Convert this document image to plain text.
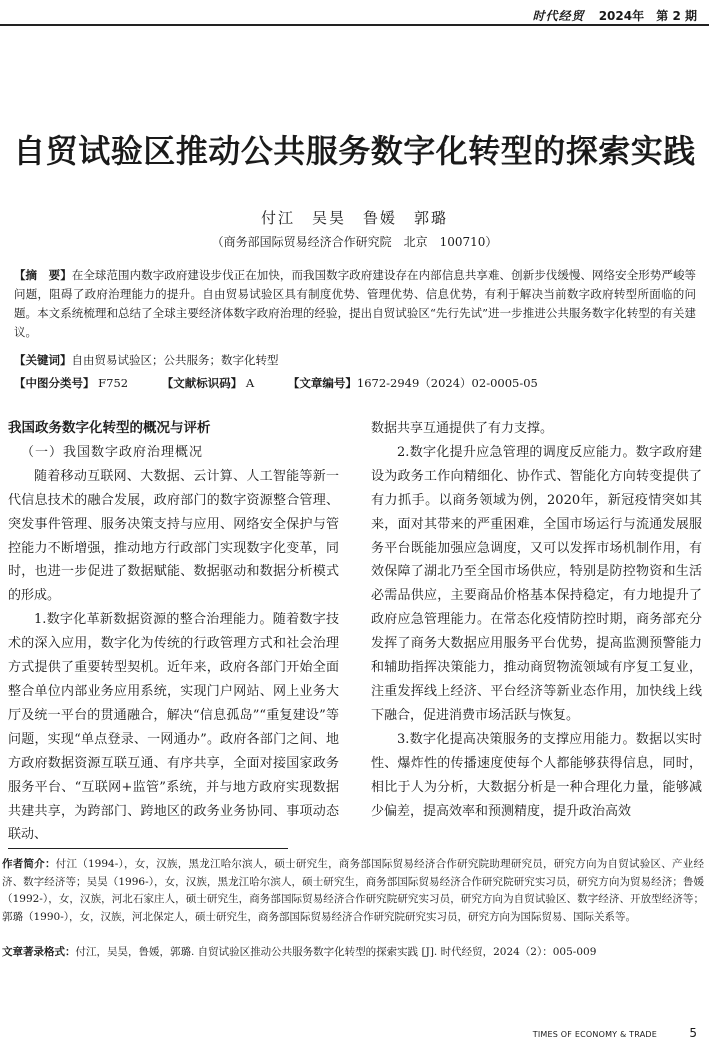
时代经贸 2024年 第 2 期
自贸试验区推动公共服务数字化转型的探索实践
付江　吴昊　鲁媛　郭璐
（商务部国际贸易经济合作研究院　北京　100710）
【摘　要】在全球范围内数字政府建设步伐正在加快，而我国数字政府建设存在内部信息共享难、创新步伐缓慢、网络安全形势严峻等问题，阻碍了政府治理能力的提升。自由贸易试验区具有制度优势、管理优势、信息优势，有利于解决当前数字政府转型所面临的问题。本文系统梳理和总结了全球主要经济体数字政府治理的经验，提出自贸试验区“先行先试”进一步推进公共服务数字化转型的有关建议。
【关键词】自由贸易试验区；公共服务；数字化转型
【中图分类号】 F752	【文献标识码】 A	【文章编号】1672-2949（2024）02-0005-05
我国政务数字化转型的概况与评析
（一）我国数字政府治理概况

随着移动互联网、大数据、云计算、人工智能等新一代信息技术的融合发展，政府部门的数字资源整合管理、突发事件管理、服务决策支持与应用、网络安全保护与管控能力不断增强，推动地方行政部门实现数字化变革，同时，也进一步促进了数据赋能、数据驱动和数据分析模式的形成。

1.数字化革新数据资源的整合治理能力。随着数字技术的深入应用，数字化为传统的行政管理方式和社会治理方式提供了重要转型契机。近年来，政府各部门开始全面整合单位内部业务应用系统，实现门户网站、网上业务大厅及统一平台的贯通融合，解决“信息孤岛”“重复建设”等问题，实现“单点登录、一网通办”。政府各部门之间、地方政府数据资源互联互通、有序共享，全面对接国家政务服务平台、“互联网+监管”系统，并与地方政府实现数据共建共享，为跨部门、跨地区的政务业务协同、事项动态联动、

数据共享互通提供了有力支撑。

2.数字化提升应急管理的调度反应能力。数字政府建设为政务工作向精细化、协作式、智能化方向转变提供了有力抓手。以商务领域为例，2020年，新冠疫情突如其来，面对其带来的严重困难，全国市场运行与流通发展服务平台既能加强应急调度，又可以发挥市场机制作用，有效保障了湖北乃至全国市场供应，特别是防控物资和生活必需品供应，主要商品价格基本保持稳定，有力地提升了政府应急管理能力。在常态化疫情防控时期，商务部充分发挥了商务大数据应用服务平台优势，提高监测预警能力和辅助指挥决策能力，推动商贸物流领域有序复工复业，注重发挥线上经济、平台经济等新业态作用，加快线上线下融合，促进消费市场活跃与恢复。

3.数字化提高决策服务的支撑应用能力。数据以实时性、爆炸性的传播速度使每个人都能够获得信息，同时，相比于人为分析，大数据分析是一种合理化力量，能够减少偏差，提高效率和预测精度，提升政治高效

作者简介：付江（1994-），女，汉族，黑龙江哈尔滨人，硕士研究生，商务部国际贸易经济合作研究院助理研究员，研究方向为自贸试验区、产业经济、数字经济等；吴昊（1996-），女，汉族，黑龙江哈尔滨人，硕士研究生，商务部国际贸易经济合作研究院研究实习员，研究方向为贸易经济；鲁媛（1992-），女，汉族，河北石家庄人，硕士研究生，商务部国际贸易经济合作研究院研究实习员，研究方向为自贸试验区、数字经济、开放型经济等；郭璐（1990-），女，汉族，河北保定人，硕士研究生，商务部国际贸易经济合作研究院研究实习员，研究方向为国际贸易、国际关系等。
文章著录格式：付江，吴昊，鲁媛，郭璐. 自贸试验区推动公共服务数字化转型的探索实践 [J]. 时代经贸，2024（2）：005-009
TIMES OF ECONOMY & TRADE	5
